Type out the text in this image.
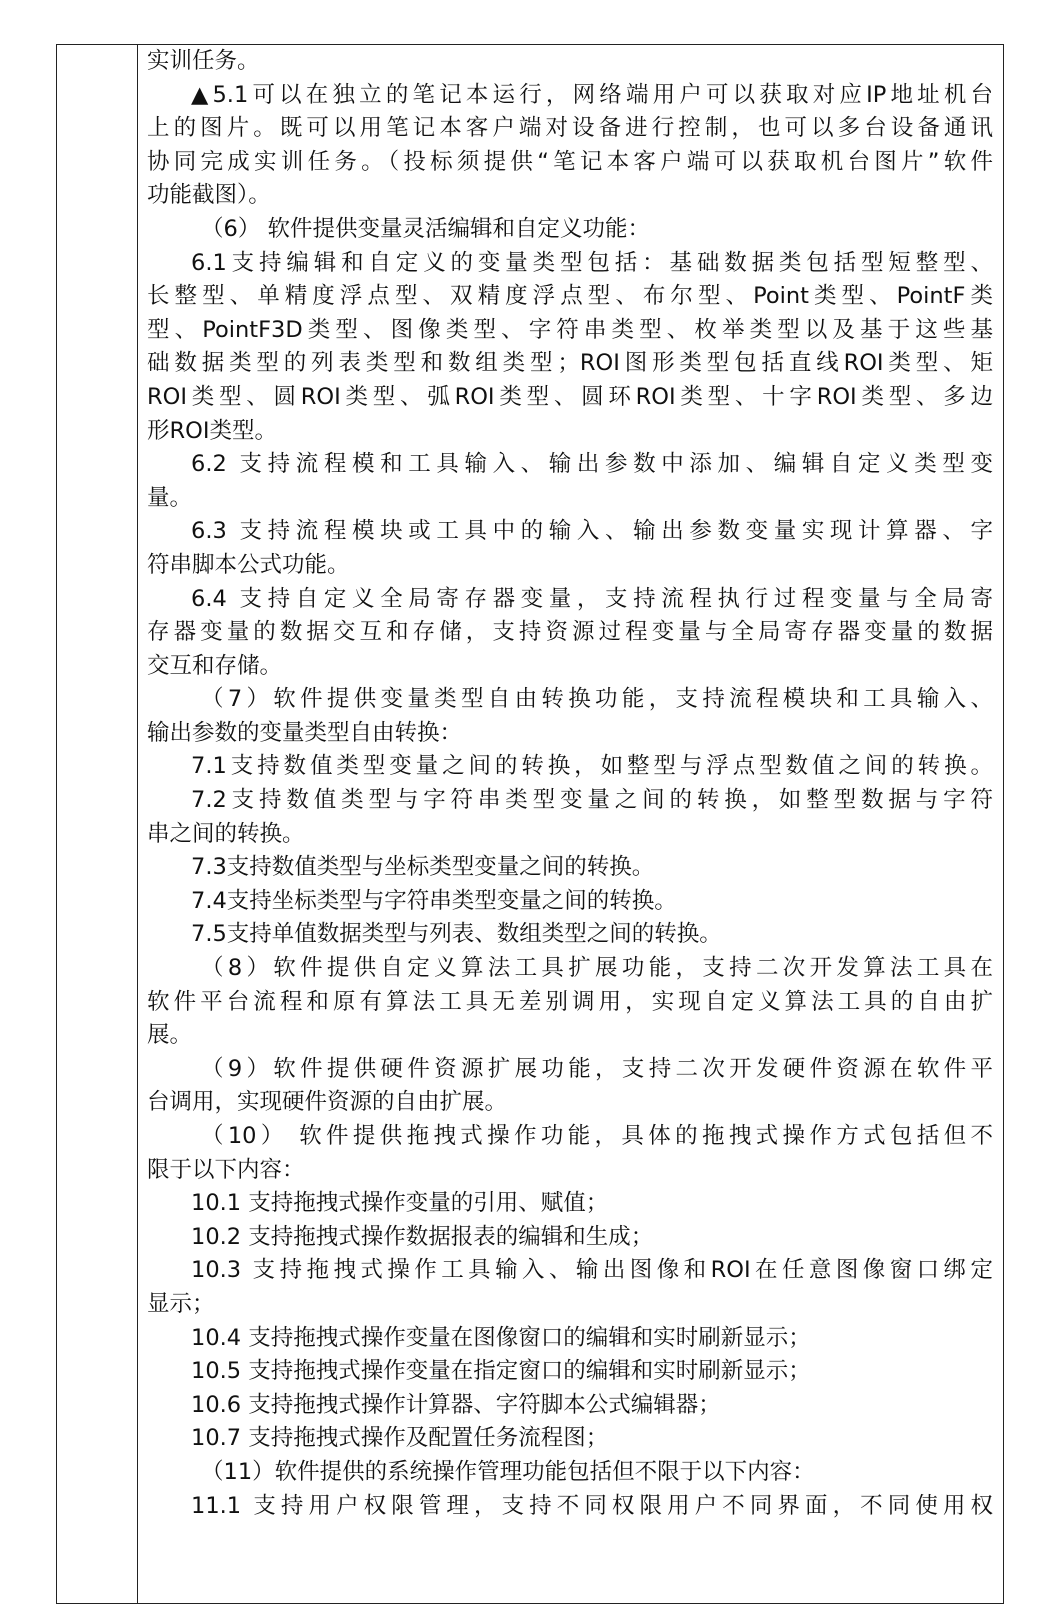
实训任务。
▲5.1可以在独立的笔记本运行，网络端用户可以获取对应IP地址机台
上的图片。既可以用笔记本客户端对设备进行控制，也可以多台设备通讯
协同完成实训任务。（投标须提供“笔记本客户端可以获取机台图片”软件
功能截图）。
（6） 软件提供变量灵活编辑和自定义功能：
6.1支持编辑和自定义的变量类型包括：基础数据类包括型短整型、
长整型、单精度浮点型、双精度浮点型、布尔型、Point类型、PointF类
型、PointF3D类型、图像类型、字符串类型、枚举类型以及基于这些基
础数据类型的列表类型和数组类型；ROI图形类型包括直线ROI类型、矩
ROI类型、圆ROI类型、弧ROI类型、圆环ROI类型、十字ROI类型、多边
形ROI类型。
6.2 支持流程模和工具输入、输出参数中添加、编辑自定义类型变
量。
6.3 支持流程模块或工具中的输入、输出参数变量实现计算器、字
符串脚本公式功能。
6.4 支持自定义全局寄存器变量，支持流程执行过程变量与全局寄
存器变量的数据交互和存储，支持资源过程变量与全局寄存器变量的数据
交互和存储。
（7）软件提供变量类型自由转换功能，支持流程模块和工具输入、
输出参数的变量类型自由转换：
7.1支持数值类型变量之间的转换，如整型与浮点型数值之间的转换。
7.2支持数值类型与字符串类型变量之间的转换，如整型数据与字符
串之间的转换。
7.3支持数值类型与坐标类型变量之间的转换。
7.4支持坐标类型与字符串类型变量之间的转换。
7.5支持单值数据类型与列表、数组类型之间的转换。
（8）软件提供自定义算法工具扩展功能，支持二次开发算法工具在
软件平台流程和原有算法工具无差别调用，实现自定义算法工具的自由扩
展。
（9）软件提供硬件资源扩展功能，支持二次开发硬件资源在软件平
台调用，实现硬件资源的自由扩展。
（10） 软件提供拖拽式操作功能，具体的拖拽式操作方式包括但不
限于以下内容：
10.1 支持拖拽式操作变量的引用、赋值；
10.2 支持拖拽式操作数据报表的编辑和生成；
10.3 支持拖拽式操作工具输入、输出图像和ROI在任意图像窗口绑定
显示；
10.4 支持拖拽式操作变量在图像窗口的编辑和实时刷新显示；
10.5 支持拖拽式操作变量在指定窗口的编辑和实时刷新显示；
10.6 支持拖拽式操作计算器、字符脚本公式编辑器；
10.7 支持拖拽式操作及配置任务流程图；
（11）软件提供的系统操作管理功能包括但不限于以下内容：
11.1 支持用户权限管理，支持不同权限用户不同界面，不同使用权
